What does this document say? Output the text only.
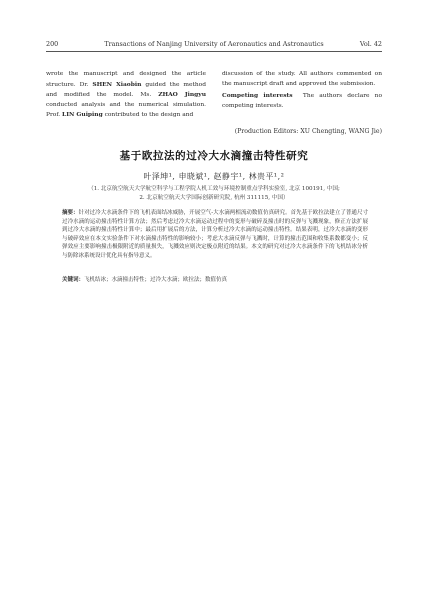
200	Transactions of Nanjing University of Aeronautics and Astronautics	Vol. 42
wrote the manuscript and designed the article structure. Dr. SHEN Xiaobin guided the method and modified the model. Ms. ZHAO Jingyu conducted analysis and the numerical simulation. Prof. LIN Guiping contributed to the design and
discussion of the study. All authors commented on the manuscript draft and approved the submission.
Competing interests The authors declare no competing interests.
(Production Editors: XU Chengting, WANG Jie)
基于欧拉法的过冷大水滴撞击特性研究
叶泽坤¹, 申晓斌¹, 赵静宇¹, 林贵平¹,²
（1. 北京航空航天大学航空科学与工程学院人机工效与环境控制重点学科实验室, 北京 100191, 中国;
2. 北京航空航天大学国际创新研究院, 杭州 311115, 中国）
摘要：针对过冷大水滴条件下的飞机表面结冰威胁，开展空气-大水滴两相流动数值仿真研究。首先基于欧拉法建立了普通尺寸过冷水滴的运动撞击特性计算方法；然后考虑过冷大水滴运动过程中的变形与破碎及撞击时的反弹与飞溅现象，修正方法扩展到过冷大水滴的撞击特性计算中；最后用扩展后的方法，计算分析过冷大水滴的运动撞击特性。结果表明，过冷大水滴的变形与破碎效应在本文实验条件下对水滴撞击特性的影响较小；考虑大水滴反弹与飞溅时，计算的撞击范围和收集系数都变小；反弹效应主要影响撞击极限附近的质量损失，飞溅效应则决定极点附近的结果。本文的研究对过冷大水滴条件下的飞机结冰分析与防除冰系统设计优化具有指导意义。
关键词：飞机结冰；水滴撞击特性；过冷大水滴；欧拉法；数值仿真
